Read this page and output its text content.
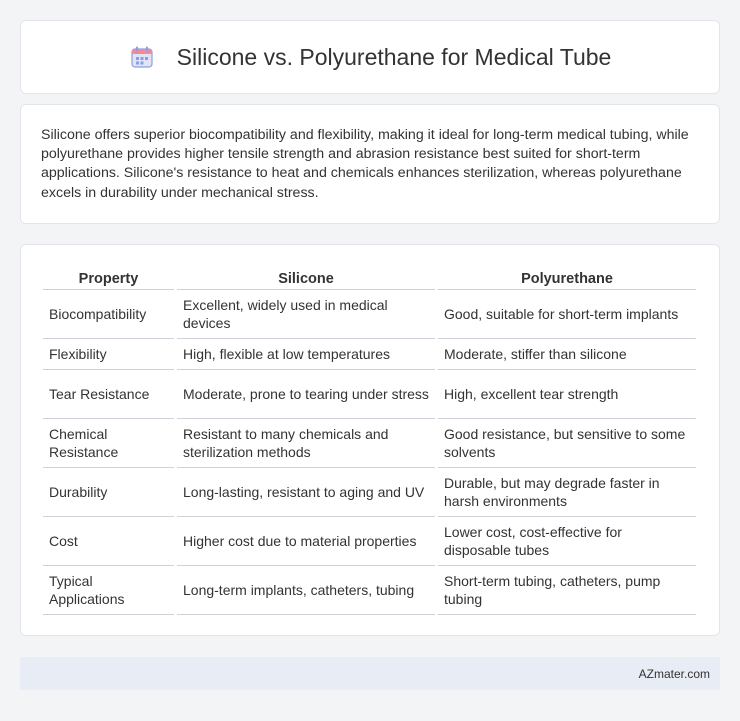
Silicone vs. Polyurethane for Medical Tube

Silicone offers superior biocompatibility and flexibility, making it ideal for long-term medical tubing, while polyurethane provides higher tensile strength and abrasion resistance best suited for short-term applications. Silicone's resistance to heat and chemicals enhances sterilization, whereas polyurethane excels in durability under mechanical stress.

Property	Silicone	Polyurethane
Biocompatibility	Excellent, widely used in medical devices	Good, suitable for short-term implants
Flexibility	High, flexible at low temperatures	Moderate, stiffer than silicone
Tear Resistance	Moderate, prone to tearing under stress	High, excellent tear strength
Chemical Resistance	Resistant to many chemicals and sterilization methods	Good resistance, but sensitive to some solvents
Durability	Long-lasting, resistant to aging and UV	Durable, but may degrade faster in harsh environments
Cost	Higher cost due to material properties	Lower cost, cost-effective for disposable tubes
Typical Applications	Long-term implants, catheters, tubing	Short-term tubing, catheters, pump tubing
AZmater.com
